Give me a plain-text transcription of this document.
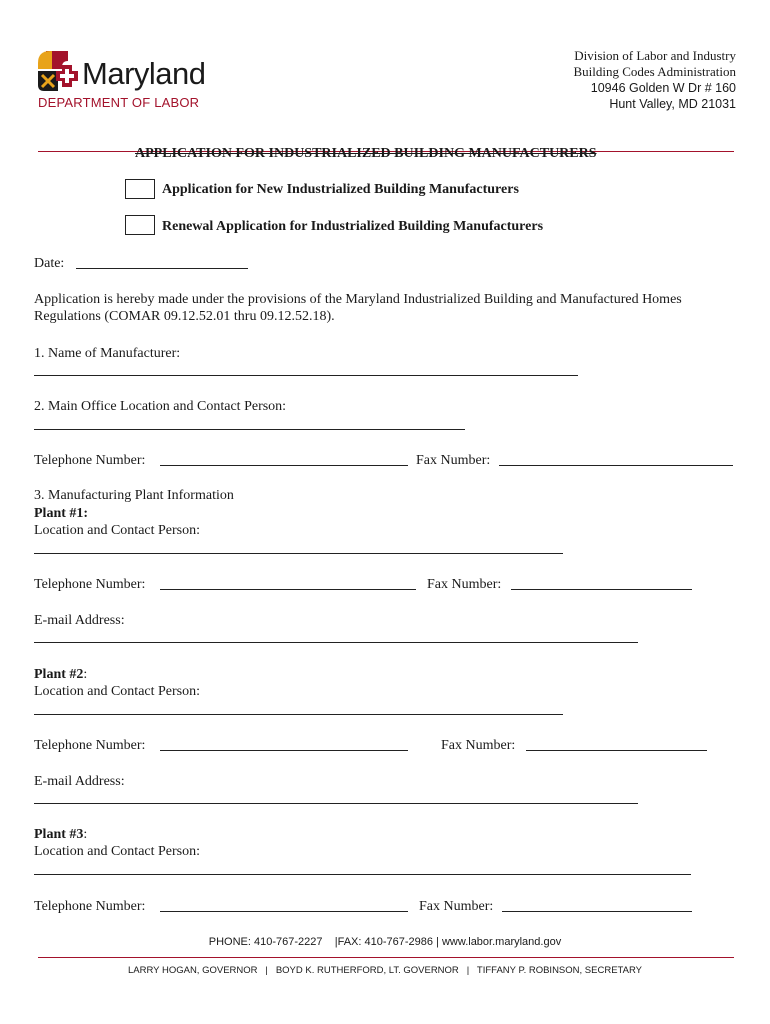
Maryland
DEPARTMENT OF LABOR
Division of Labor and Industry
Building Codes Administration
10946 Golden W Dr # 160
Hunt Valley, MD 21031
APPLICATION FOR INDUSTRIALIZED BUILDING MANUFACTURERS
Application for New Industrialized Building Manufacturers
Renewal Application for Industrialized Building Manufacturers
Date:
Application is hereby made under the provisions of the Maryland Industrialized Building and Manufactured Homes
Regulations (COMAR 09.12.52.01 thru 09.12.52.18).
1. Name of Manufacturer:
2. Main Office Location and Contact Person:
Telephone Number:	Fax Number:
3. Manufacturing Plant Information
Plant #1:
Location and Contact Person:
Telephone Number:	Fax Number:
E-mail Address:
Plant #2:
Location and Contact Person:
Telephone Number:	Fax Number:
E-mail Address:
Plant #3:
Location and Contact Person:
Telephone Number:	Fax Number:
PHONE: 410-767-2227    |FAX: 410-767-2986 | www.labor.maryland.gov
LARRY HOGAN, GOVERNOR   |   BOYD K. RUTHERFORD, LT. GOVERNOR   |   TIFFANY P. ROBINSON, SECRETARY
